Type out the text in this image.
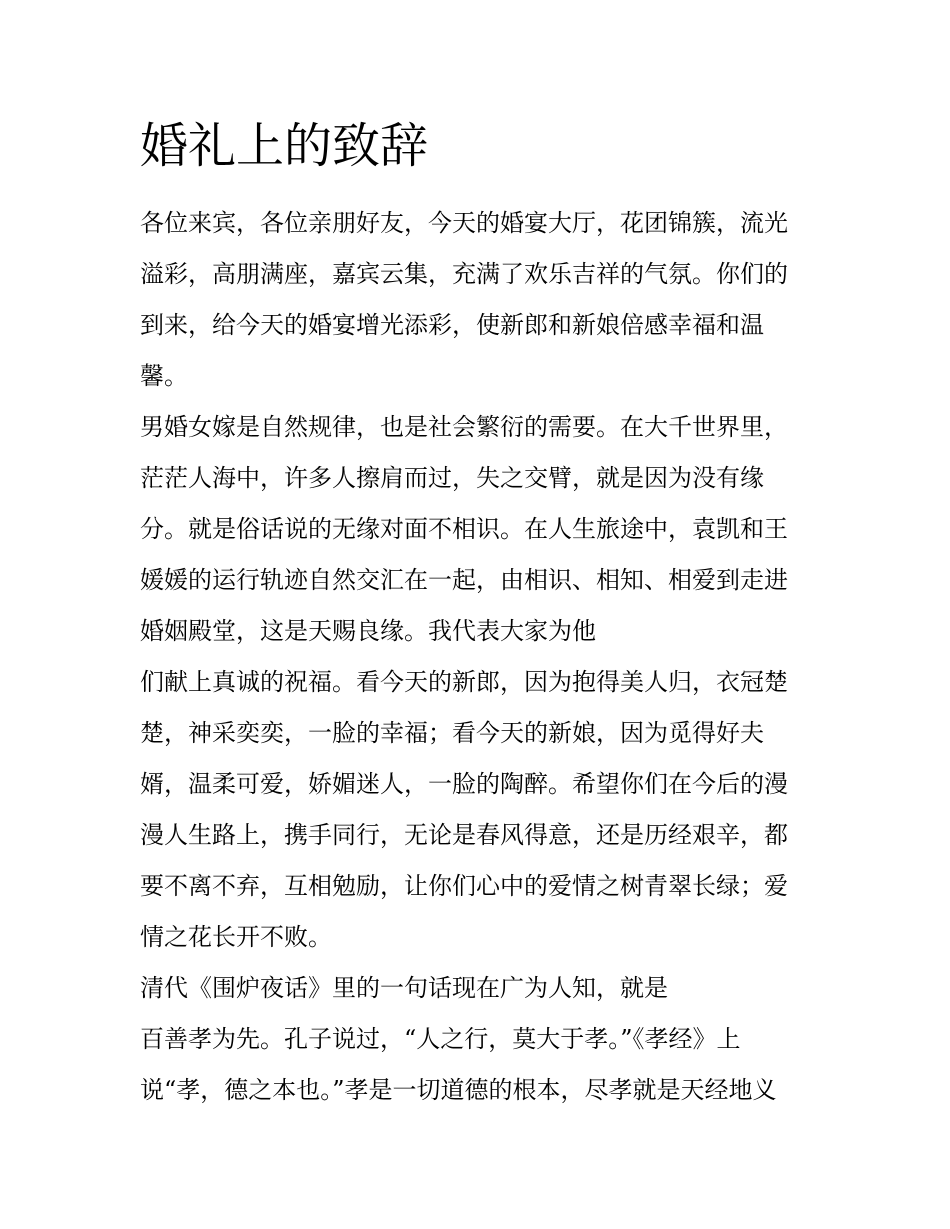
婚礼上的致辞
各位来宾，各位亲朋好友，今天的婚宴大厅，花团锦簇，流光
溢彩，高朋满座，嘉宾云集，充满了欢乐吉祥的气氛。你们的
到来，给今天的婚宴增光添彩，使新郎和新娘倍感幸福和温
馨。
男婚女嫁是自然规律，也是社会繁衍的需要。在大千世界里，
茫茫人海中，许多人擦肩而过，失之交臂，就是因为没有缘
分。就是俗话说的无缘对面不相识。在人生旅途中，袁凯和王
媛媛的运行轨迹自然交汇在一起，由相识、相知、相爱到走进
婚姻殿堂，这是天赐良缘。我代表大家为他
们献上真诚的祝福。看今天的新郎，因为抱得美人归，衣冠楚
楚，神采奕奕，一脸的幸福；看今天的新娘，因为觅得好夫
婿，温柔可爱，娇媚迷人，一脸的陶醉。希望你们在今后的漫
漫人生路上，携手同行，无论是春风得意，还是历经艰辛，都
要不离不弃，互相勉励，让你们心中的爱情之树青翠长绿；爱
情之花长开不败。
清代《围炉夜话》里的一句话现在广为人知，就是
百善孝为先。孔子说过，“人之行，莫大于孝。”《孝经》上
说“孝，德之本也。”孝是一切道德的根本，尽孝就是天经地义
